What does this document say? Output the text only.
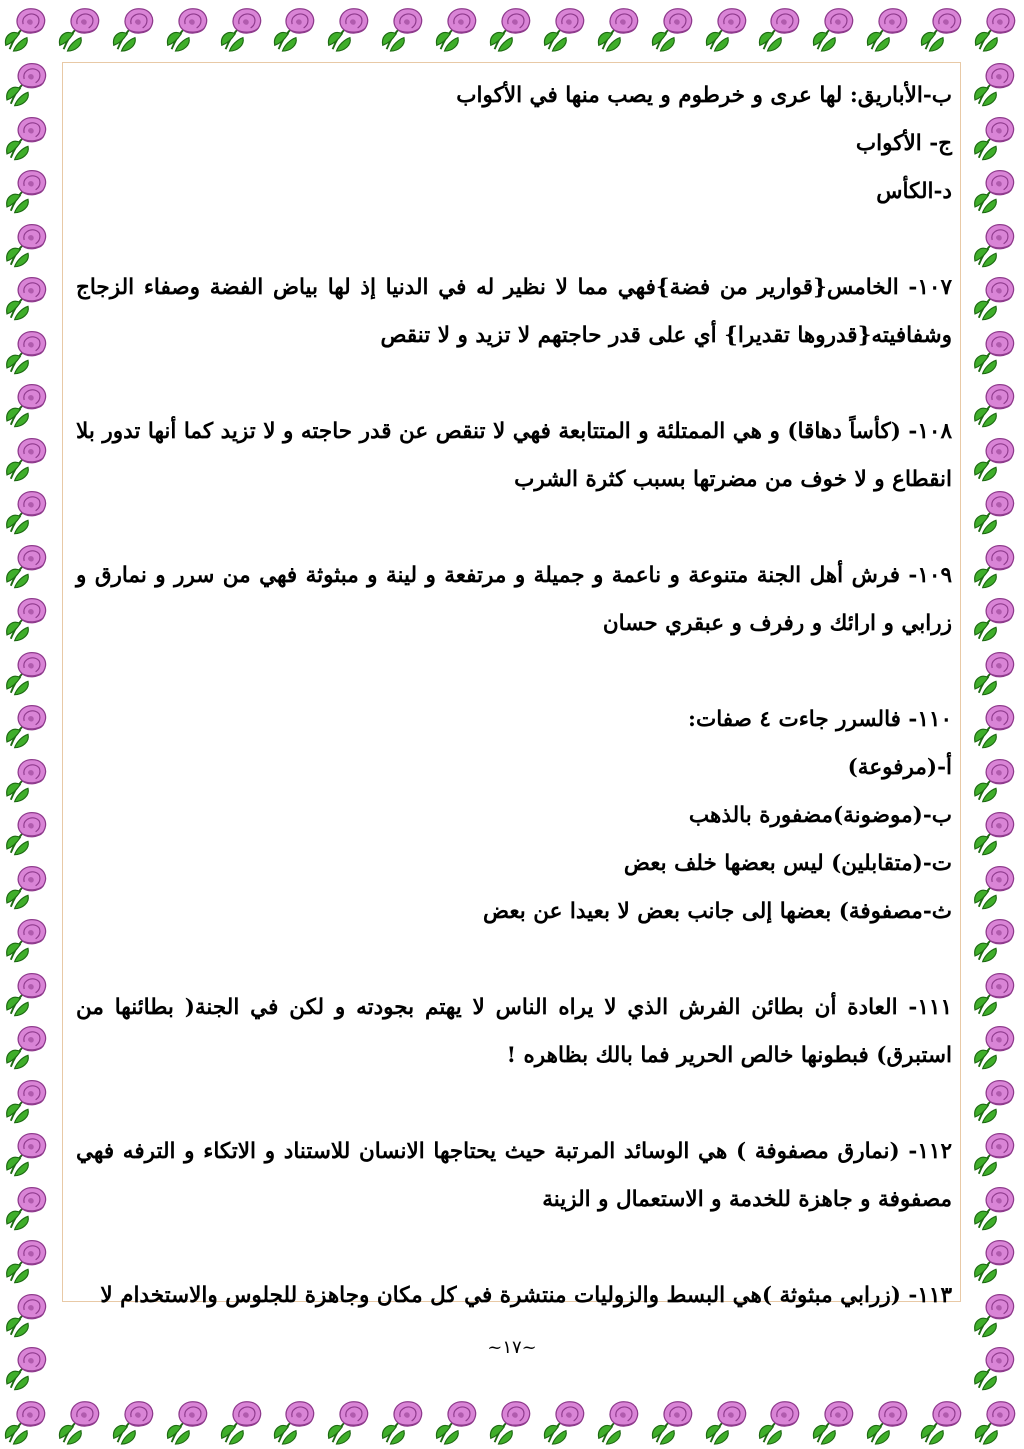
ب-الأباريق: لها عرى و خرطوم و يصب منها في الأكواب

ج- الأكواب

د-الكأس

١٠٧- الخامس{قوارير من فضة}فهي مما لا نظير له في الدنيا إذ لها بياض الفضة وصفاء الزجاج وشفافيته{قدروها تقديرا} أي على قدر حاجتهم لا تزيد و لا تنقص

١٠٨- (كأساً دهاقا) و هي الممتلئة و المتتابعة فهي لا تنقص عن قدر حاجته و لا تزيد كما أنها تدور بلا انقطاع و لا خوف من مضرتها بسبب كثرة الشرب

١٠٩- فرش أهل الجنة متنوعة و ناعمة و جميلة و مرتفعة و لينة و مبثوثة فهي من سرر و نمارق و زرابي و ارائك و رفرف و عبقري حسان

١١٠- فالسرر جاءت ٤ صفات:

أ-(مرفوعة)

ب-(موضونة)مضفورة بالذهب

ت-(متقابلين) ليس بعضها خلف بعض

ث-مصفوفة) بعضها إلى جانب بعض لا بعيدا عن بعض

١١١- العادة أن بطائن الفرش الذي لا يراه الناس لا يهتم بجودته و لكن في الجنة( بطائنها من استبرق) فبطونها خالص الحرير فما بالك بظاهره !

١١٢- (نمارق مصفوفة ) هي الوسائد المرتبة حيث يحتاجها الانسان للاستناد و الاتكاء و الترفه فهي مصفوفة و جاهزة للخدمة و الاستعمال و الزينة

١١٣- (زرابي مبثوثة )هي البسط والزوليات منتشرة في كل مكان وجاهزة للجلوس والاستخدام لا

~١٧~
